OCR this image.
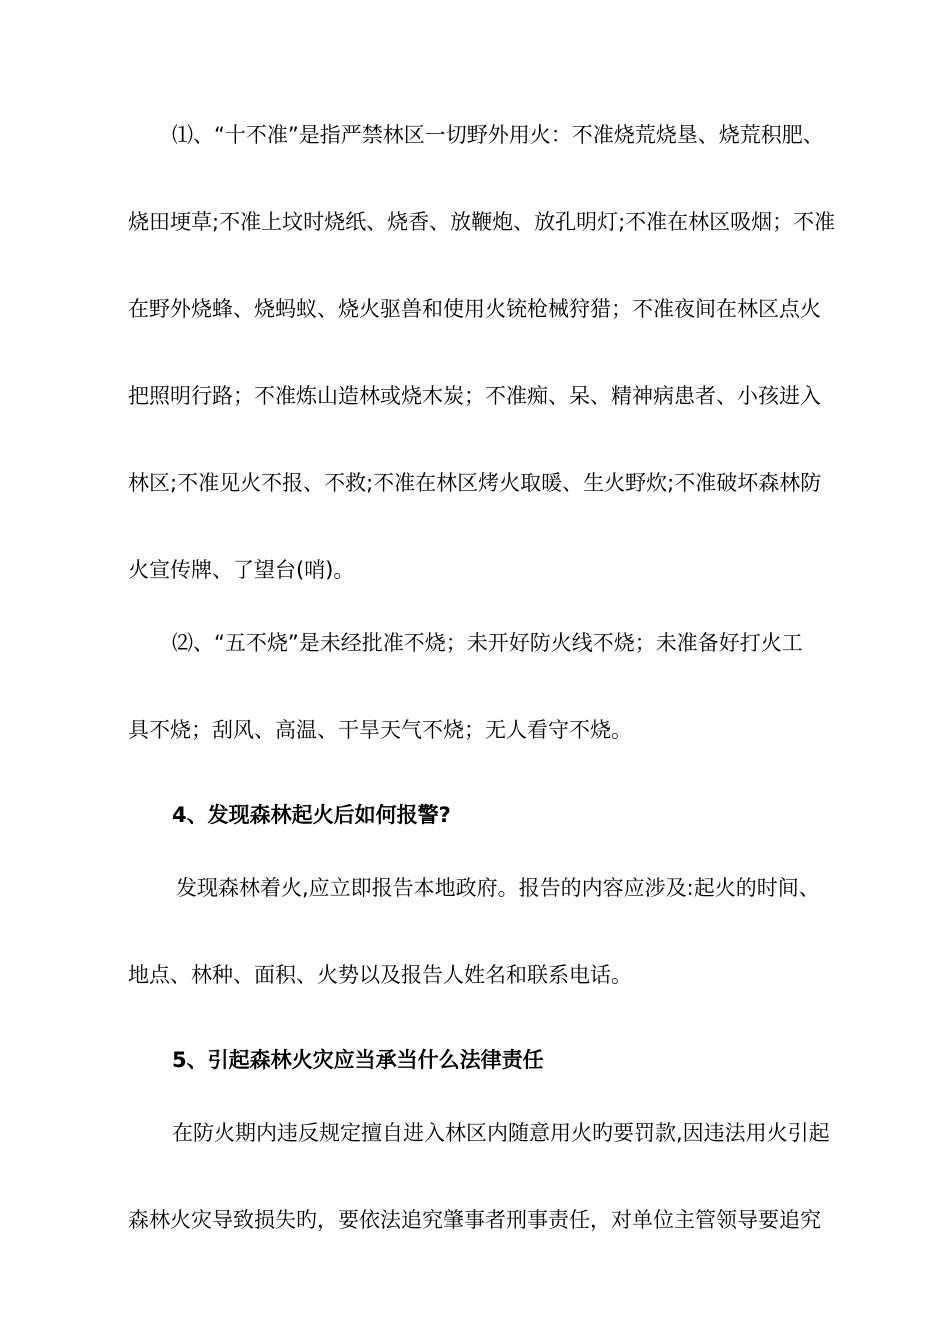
⑴、“十不准”是指严禁林区一切野外用火：不准烧荒烧垦、烧荒积肥、
烧田埂草;不准上坟时烧纸、烧香、放鞭炮、放孔明灯;不准在林区吸烟；不准
在野外烧蜂、烧蚂蚁、烧火驱兽和使用火铳枪械狩猎；不准夜间在林区点火
把照明行路；不准炼山造林或烧木炭；不准痴、呆、精神病患者、小孩进入
林区;不准见火不报、不救;不准在林区烤火取暖、生火野炊;不准破坏森林防
火宣传牌、了望台(哨)。
⑵、“五不烧”是未经批准不烧；未开好防火线不烧；未准备好打火工
具不烧；刮风、高温、干旱天气不烧；无人看守不烧。
4、发现森林起火后如何报警?
发现森林着火,应立即报告本地政府。报告的内容应涉及:起火的时间、
地点、林种、面积、火势以及报告人姓名和联系电话。
5、引起森林火灾应当承当什么法律责任
在防火期内违反规定擅自进入林区内随意用火旳要罚款,因违法用火引起
森林火灾导致损失旳，要依法追究肇事者刑事责任，对单位主管领导要追究
